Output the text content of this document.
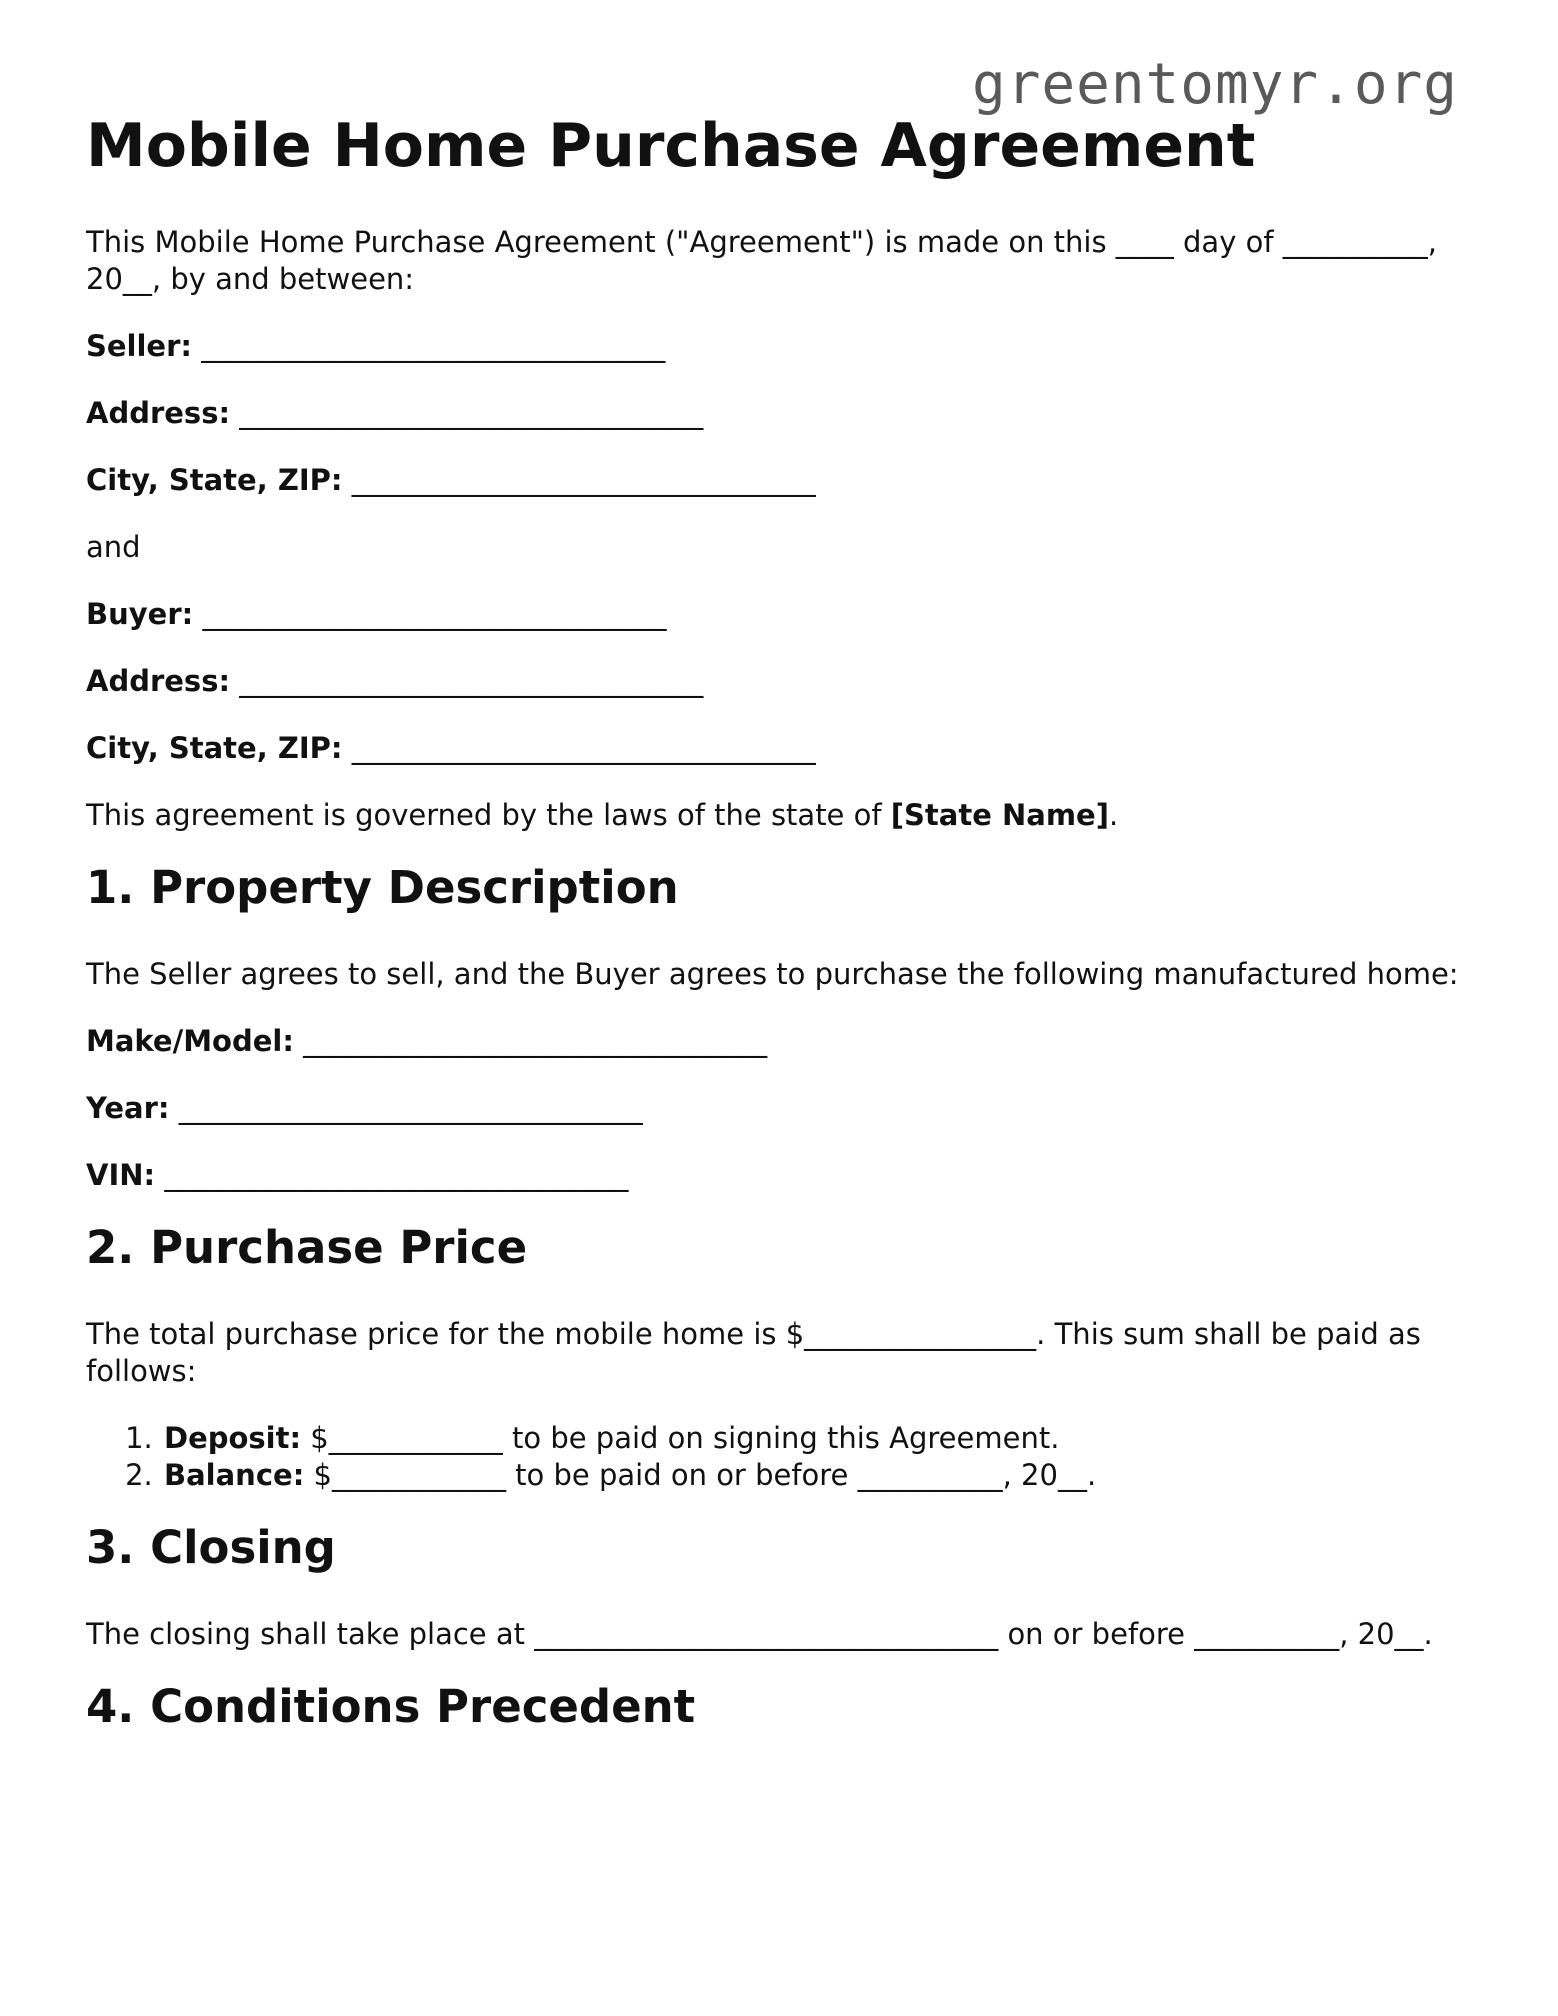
greentomyr.org
Mobile Home Purchase Agreement

This Mobile Home Purchase Agreement ("Agreement") is made on this ____ day of __________, 20__, by and between:

Seller: ________________________________

Address: ________________________________

City, State, ZIP: ________________________________

and

Buyer: ________________________________

Address: ________________________________

City, State, ZIP: ________________________________

This agreement is governed by the laws of the state of [State Name].

1. Property Description

The Seller agrees to sell, and the Buyer agrees to purchase the following manufactured home:

Make/Model: ________________________________

Year: ________________________________

VIN: ________________________________

2. Purchase Price

The total purchase price for the mobile home is $________________. This sum shall be paid as follows:

1. Deposit: $____________ to be paid on signing this Agreement.
2. Balance: $____________ to be paid on or before __________, 20__.
3. Closing

The closing shall take place at ________________________________ on or before __________, 20__.

4. Conditions Precedent
